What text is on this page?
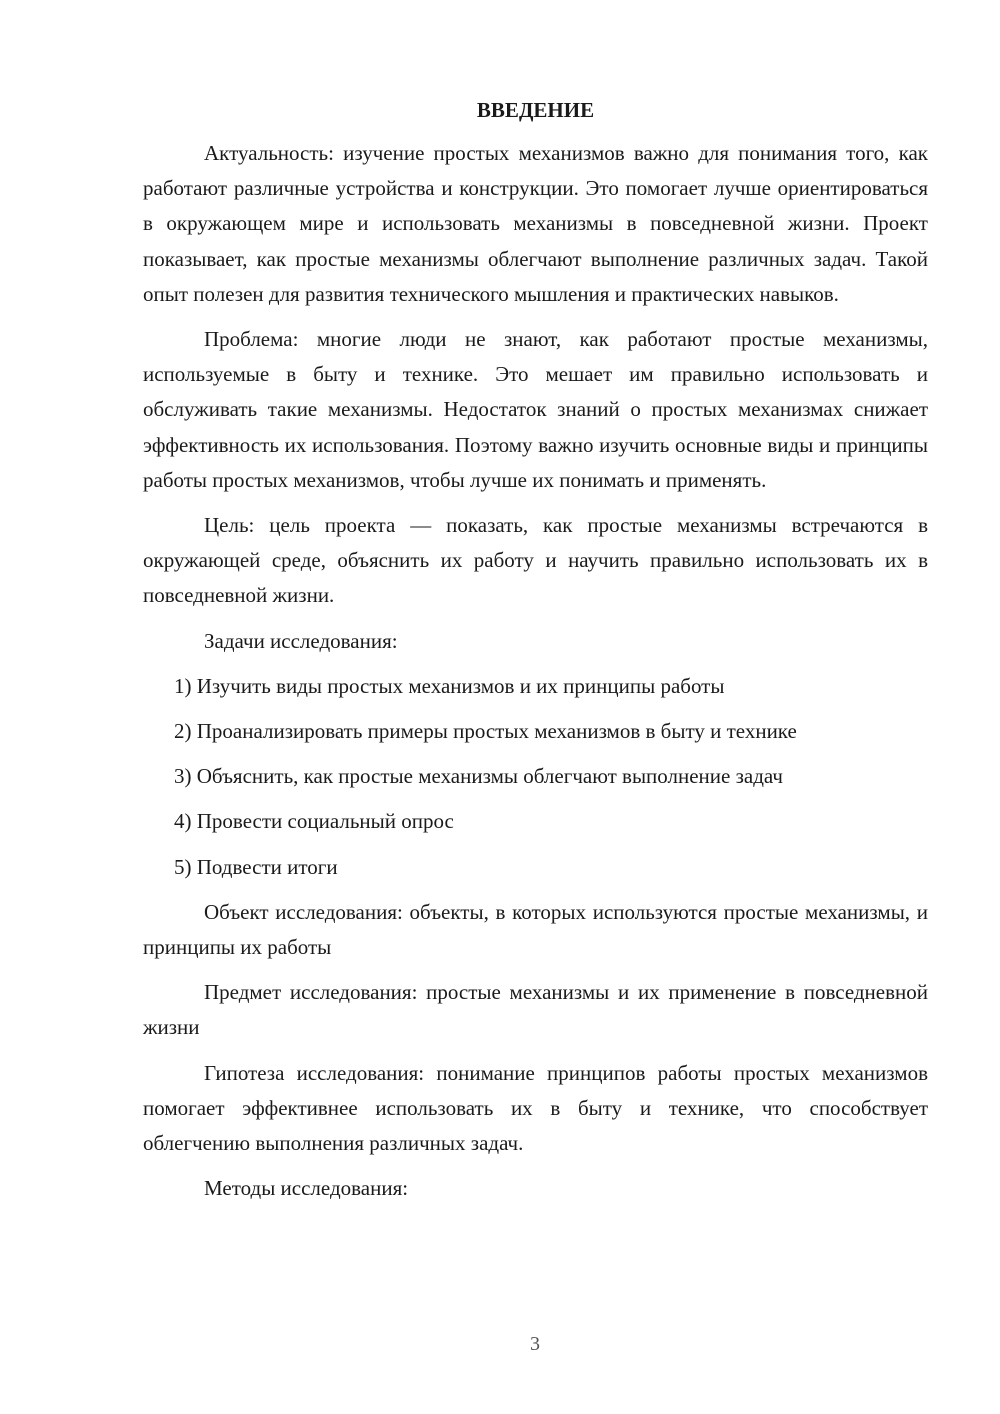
ВВЕДЕНИЕ

Актуальность: изучение простых механизмов важно для понимания того, как работают различные устройства и конструкции. Это помогает лучше ориентироваться в окружающем мире и использовать механизмы в повседневной жизни. Проект показывает, как простые механизмы облегчают выполнение различных задач. Такой опыт полезен для развития технического мышления и практических навыков.

Проблема: многие люди не знают, как работают простые механизмы, используемые в быту и технике. Это мешает им правильно использовать и обслуживать такие механизмы. Недостаток знаний о простых механизмах снижает эффективность их использования. Поэтому важно изучить основные виды и принципы работы простых механизмов, чтобы лучше их понимать и применять.

Цель: цель проекта — показать, как простые механизмы встречаются в окружающей среде, объяснить их работу и научить правильно использовать их в повседневной жизни.

Задачи исследования:

1) Изучить виды простых механизмов и их принципы работы
2) Проанализировать примеры простых механизмов в быту и технике
3) Объяснить, как простые механизмы облегчают выполнение задач
4) Провести социальный опрос
5) Подвести итоги

Объект исследования: объекты, в которых используются простые механизмы, и принципы их работы

Предмет исследования: простые механизмы и их применение в повседневной жизни

Гипотеза исследования: понимание принципов работы простых механизмов помогает эффективнее использовать их в быту и технике, что способствует облегчению выполнения различных задач.

Методы исследования:

3
